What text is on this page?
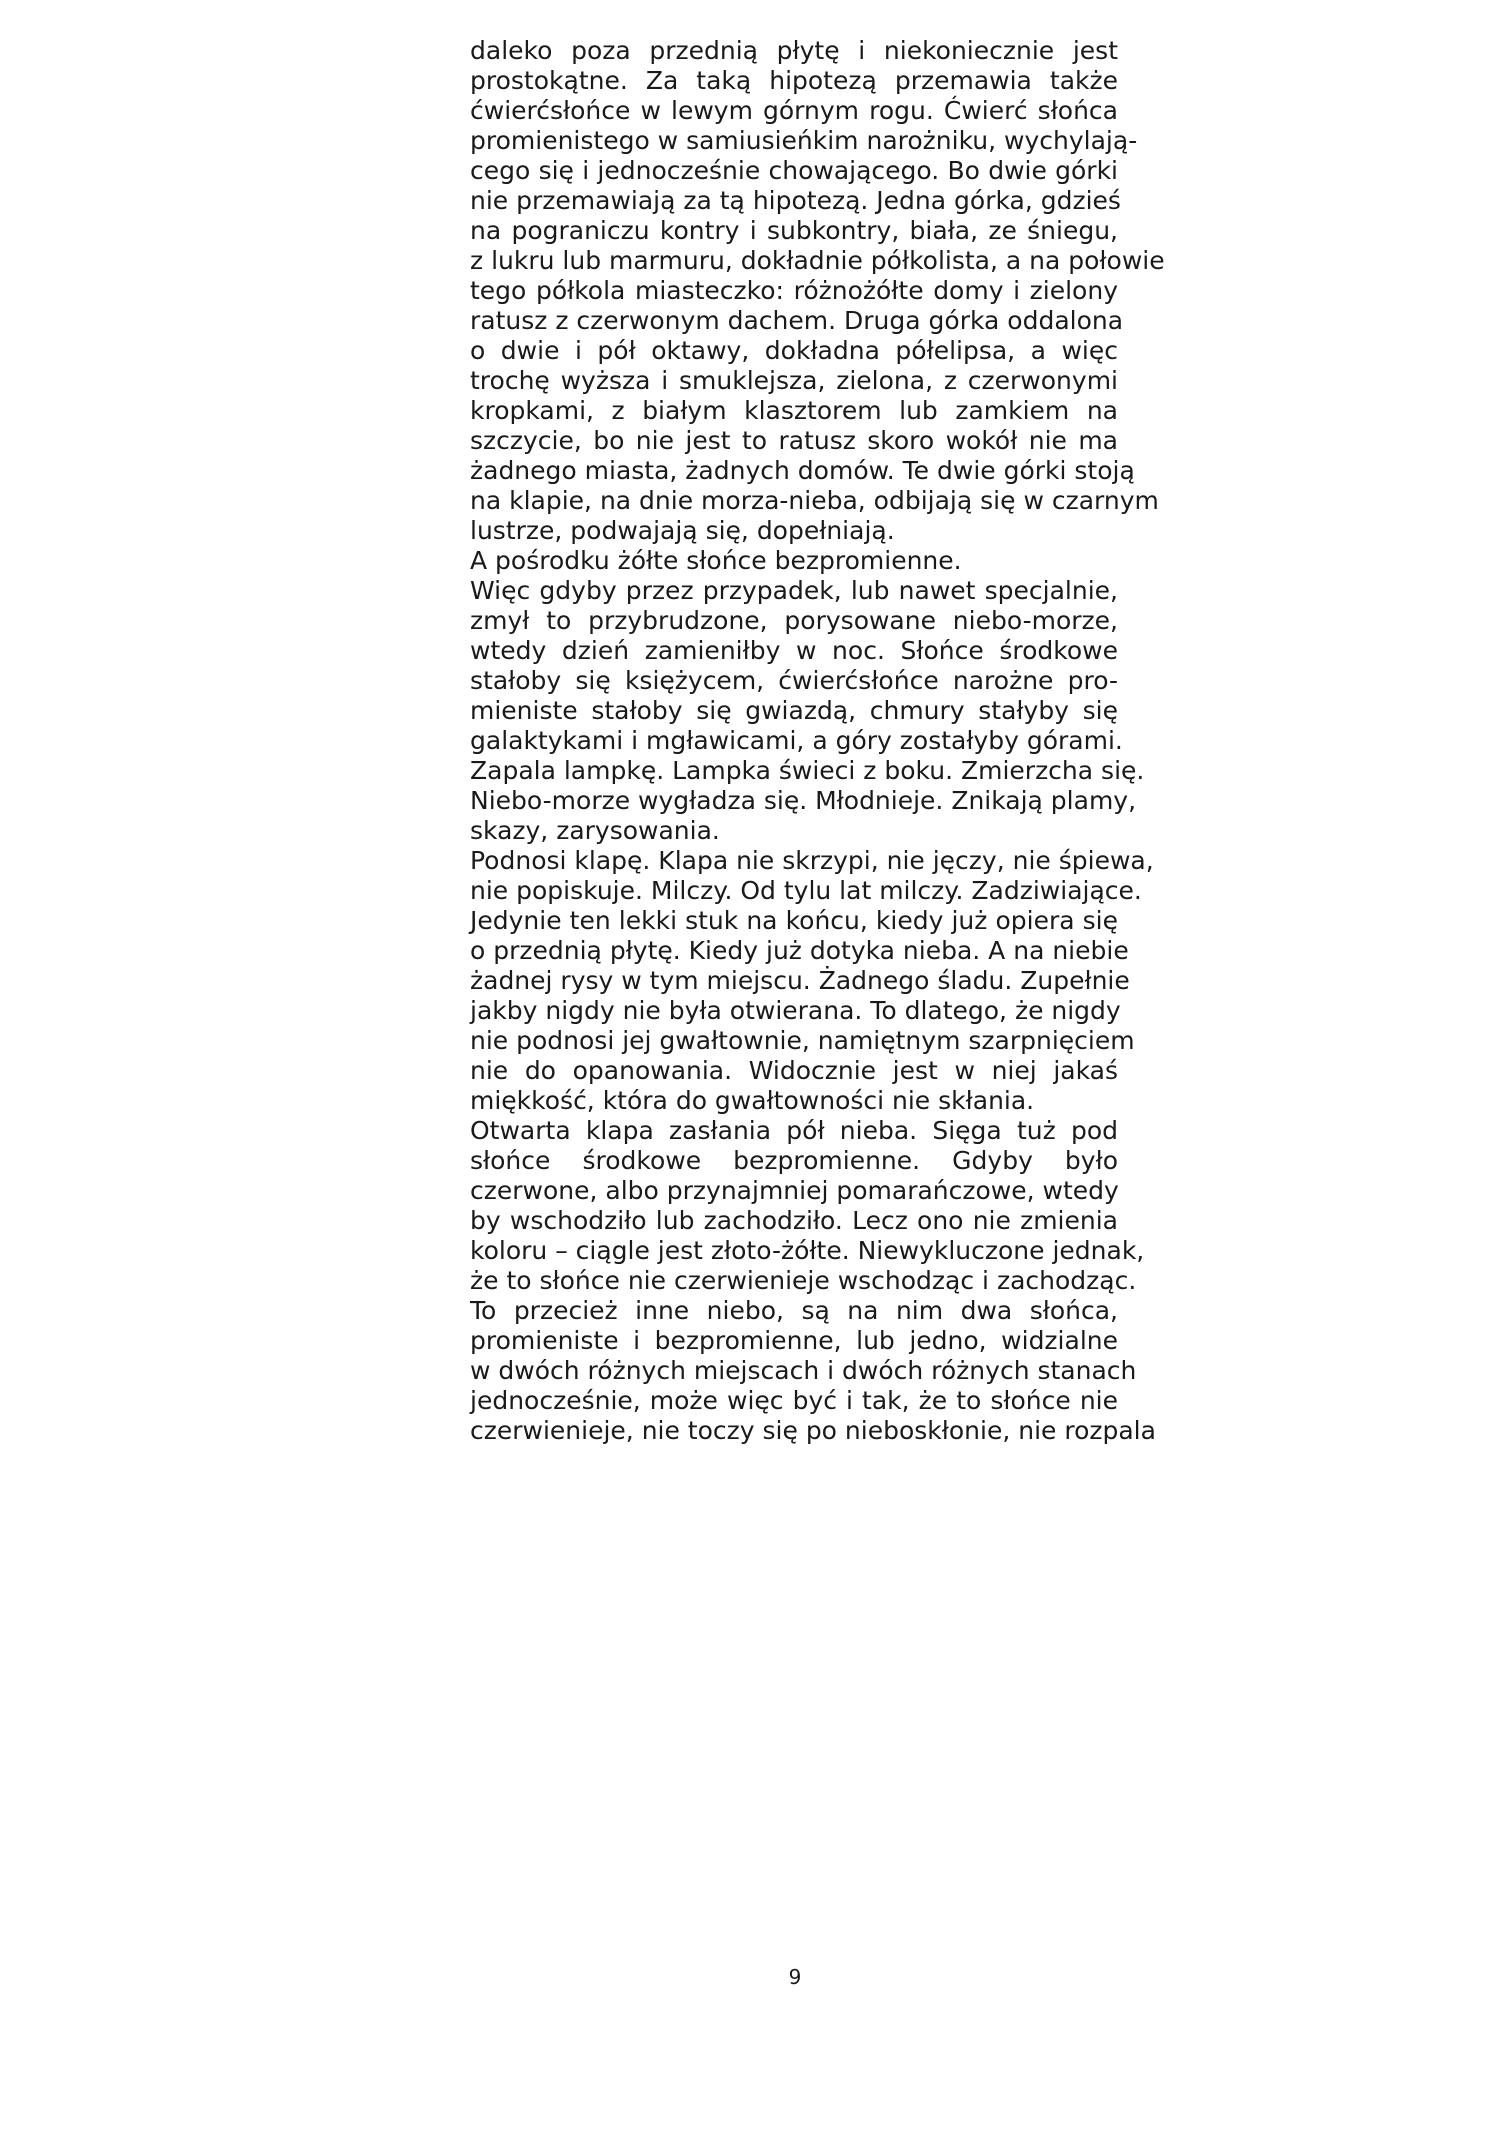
daleko poza przednią płytę i niekoniecznie jest
prostokątne. Za taką hipotezą przemawia także
ćwierćsłońce w lewym górnym rogu. Ćwierć słońca
promienistego w samiusieńkim narożniku, wychylają-
cego się i jednocześnie chowającego. Bo dwie górki
nie przemawiają za tą hipotezą. Jedna górka, gdzieś
na pograniczu kontry i subkontry, biała, ze śniegu,
z lukru lub marmuru, dokładnie półkolista, a na połowie
tego półkola miasteczko: różnożółte domy i zielony
ratusz z czerwonym dachem. Druga górka oddalona
o dwie i pół oktawy, dokładna półelipsa, a więc
trochę wyższa i smuklejsza, zielona, z czerwonymi
kropkami, z białym klasztorem lub zamkiem na
szczycie, bo nie jest to ratusz skoro wokół nie ma
żadnego miasta, żadnych domów. Te dwie górki stoją
na klapie, na dnie morza-nieba, odbijają się w czarnym
lustrze, podwajają się, dopełniają.
A pośrodku żółte słońce bezpromienne.
Więc gdyby przez przypadek, lub nawet specjalnie,
zmył to przybrudzone, porysowane niebo-morze,
wtedy dzień zamieniłby w noc. Słońce środkowe
stałoby się księżycem, ćwierćsłońce narożne pro-
mieniste stałoby się gwiazdą, chmury stałyby się
galaktykami i mgławicami, a góry zostałyby górami.
Zapala lampkę. Lampka świeci z boku. Zmierzcha się.
Niebo-morze wygładza się. Młodnieje. Znikają plamy,
skazy, zarysowania.
Podnosi klapę. Klapa nie skrzypi, nie jęczy, nie śpiewa,
nie popiskuje. Milczy. Od tylu lat milczy. Zadziwiające.
Jedynie ten lekki stuk na końcu, kiedy już opiera się
o przednią płytę. Kiedy już dotyka nieba. A na niebie
żadnej rysy w tym miejscu. Żadnego śladu. Zupełnie
jakby nigdy nie była otwierana. To dlatego, że nigdy
nie podnosi jej gwałtownie, namiętnym szarpnięciem
nie do opanowania. Widocznie jest w niej jakaś
miękkość, która do gwałtowności nie skłania.
Otwarta klapa zasłania pół nieba. Sięga tuż pod
słońce środkowe bezpromienne. Gdyby było
czerwone, albo przynajmniej pomarańczowe, wtedy
by wschodziło lub zachodziło. Lecz ono nie zmienia
koloru – ciągle jest złoto-żółte. Niewykluczone jednak,
że to słońce nie czerwienieje wschodząc i zachodząc.
To przecież inne niebo, są na nim dwa słońca,
promieniste i bezpromienne, lub jedno, widzialne
w dwóch różnych miejscach i dwóch różnych stanach
jednocześnie, może więc być i tak, że to słońce nie
czerwienieje, nie toczy się po nieboskłonie, nie rozpala
9
